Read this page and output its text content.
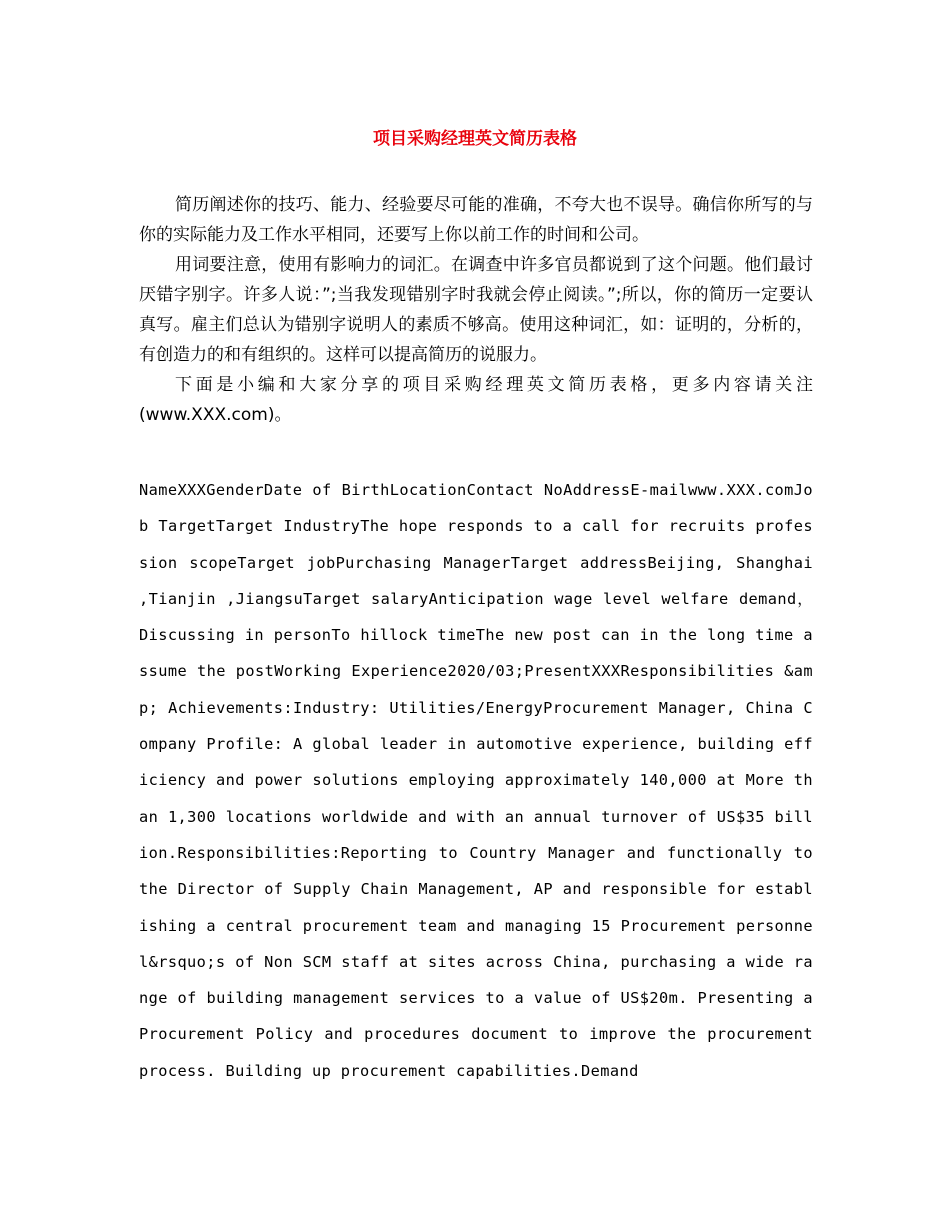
项目采购经理英文简历表格

简历阐述你的技巧、能力、经验要尽可能的准确，不夸大也不误导。确信你所写的与你的实际能力及工作水平相同，还要写上你以前工作的时间和公司。

用词要注意，使用有影响力的词汇。在调查中许多官员都说到了这个问题。他们最讨厌错字别字。许多人说：”;当我发现错别字时我就会停止阅读。”;所以，你的简历一定要认真写。雇主们总认为错别字说明人的素质不够高。使用这种词汇，如：证明的，分析的，有创造力的和有组织的。这样可以提高简历的说服力。

下面是小编和大家分享的项目采购经理英文简历表格，更多内容请关注(www.XXX.com)。

NameXXXGenderDate of BirthLocationContact NoAddressE-mailwww.XXX.comJob TargetTarget IndustryThe hope responds to a call for recruits profession scopeTarget jobPurchasing ManagerTarget addressBeijing, Shanghai ,Tianjin ,JiangsuTarget salaryAnticipation wage level welfare demand，Discussing in personTo hillock timeThe new post can in the long time assume the postWorking Experience2020/03;PresentXXXResponsibilities &amp; Achievements:Industry: Utilities/EnergyProcurement Manager, China Company Profile: A global leader in automotive experience, building efficiency and power solutions employing approximately 140,000 at More than 1,300 locations worldwide and with an annual turnover of US$35 billion.Responsibilities:Reporting to Country Manager and functionally to the Director of Supply Chain Management, AP and responsible for establishing a central procurement team and managing 15 Procurement personnel&rsquo;s of Non SCM staff at sites across China, purchasing a wide range of building management services to a value of US$20m. Presenting a Procurement Policy and procedures document to improve the procurement process. Building up procurement capabilities.Demand
